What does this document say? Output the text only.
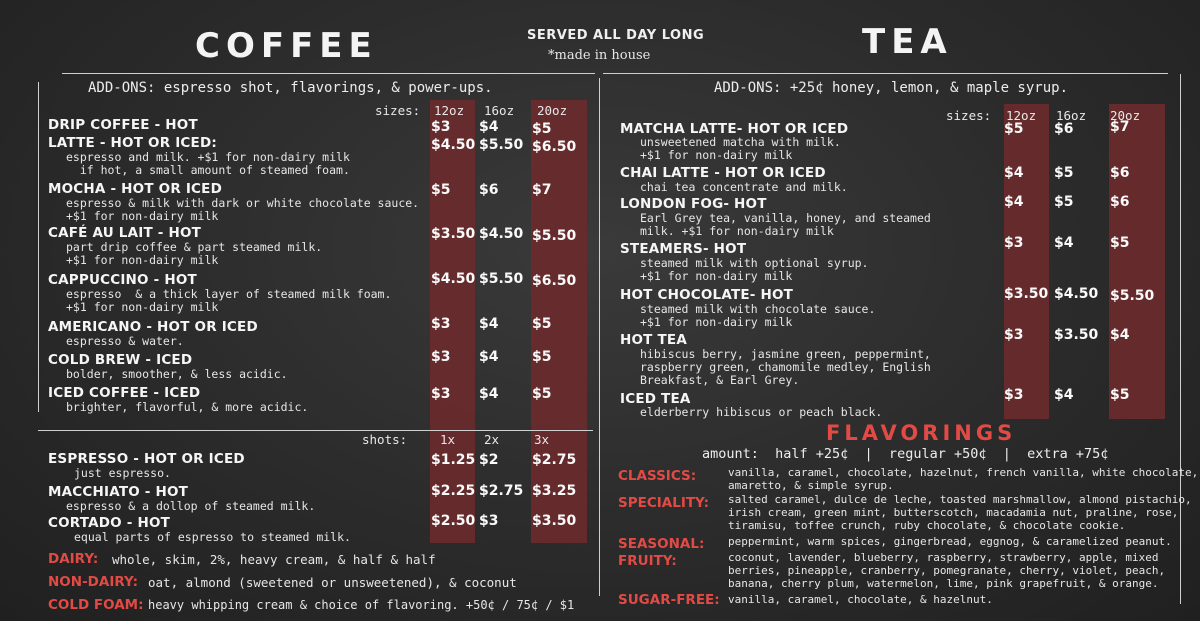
COFFEE	TEA
SERVED ALL DAY LONG
*made in house
ADD-ONS: espresso shot, flavorings, & power-ups.	ADD-ONS: +25¢ honey, lemon, & maple syrup.
sizes: 12oz 16oz 20oz
DRIP COFFEE - HOT	$3 $4 $5
LATTE - HOT OR ICED:
espresso and milk. +$1 for non-dairy milk
if hot, a small amount of steamed foam.
$4.50 $5.50 $6.50
MOCHA - HOT OR ICED
espresso & milk with dark or white chocolate sauce.
+$1 for non-dairy milk
$5 $6 $7
CAFÉ AU LAIT - HOT
part drip coffee & part steamed milk.
+$1 for non-dairy milk
$3.50 $4.50 $5.50
CAPPUCCINO - HOT
espresso  & a thick layer of steamed milk foam.
+$1 for non-dairy milk
$4.50 $5.50 $6.50
AMERICANO - HOT OR ICED
espresso & water.
$3 $4 $5
COLD BREW - ICED
bolder, smoother, & less acidic.
$3 $4 $5
ICED COFFEE - ICED
brighter, flavorful, & more acidic.
$3 $4 $5
shots:	1x 2x	3x
ESPRESSO - HOT OR ICED
just espresso.
$1.25 $2 $2.75
MACCHIATO - HOT
espresso & a dollop of steamed milk.
$2.25 $2.75 $3.25
CORTADO - HOT
equal parts of espresso to steamed milk.
$2.50 $3 $3.50
DAIRY: whole, skim, 2%, heavy cream, & half & half
NON-DAIRY: oat, almond (sweetened or unsweetened), & coconut
COLD FOAM: heavy whipping cream & choice of flavoring. +50¢ / 75¢ / $1
sizes: 12oz 16oz 20oz
MATCHA LATTE- HOT OR ICED
unsweetened matcha with milk.
+$1 for non-dairy milk
$5 $6	$7
CHAI LATTE - HOT OR ICED
chai tea concentrate and milk.
$4 $5	$6
LONDON FOG- HOT
Earl Grey tea, vanilla, honey, and steamed
milk. +$1 for non-dairy milk
$4 $5	$6
STEAMERS- HOT
steamed milk with optional syrup.
+$1 for non-dairy milk
$3 $4	$5
HOT CHOCOLATE- HOT
steamed milk with chocolate sauce.
+$1 for non-dairy milk
$3.50 $4.50 $5.50
HOT TEA
hibiscus berry, jasmine green, peppermint,
raspberry green, chamomile medley, English
Breakfast, & Earl Grey.
$3 $3.50 $4
ICED TEA
elderberry hibiscus or peach black.
$3 $4	$5
FLAVORINGS
amount:  half +25¢  |  regular +50¢  |  extra +75¢
CLASSICS:	vanilla, caramel, chocolate, hazelnut, french vanilla, white chocolate,
amaretto, & simple syrup.
SPECIALITY: salted caramel, dulce de leche, toasted marshmallow, almond pistachio,
irish cream, green mint, butterscotch, macadamia nut, praline, rose,
tiramisu, toffee crunch, ruby chocolate, & chocolate cookie.
SEASONAL: peppermint, warm spices, gingerbread, eggnog, & caramelized peanut.
FRUITY:	coconut, lavender, blueberry, raspberry, strawberry, apple, mixed
berries, pineapple, cranberry, pomegranate, cherry, violet, peach,
banana, cherry plum, watermelon, lime, pink grapefruit, & orange.
SUGAR-FREE: vanilla, caramel, chocolate, & hazelnut.
